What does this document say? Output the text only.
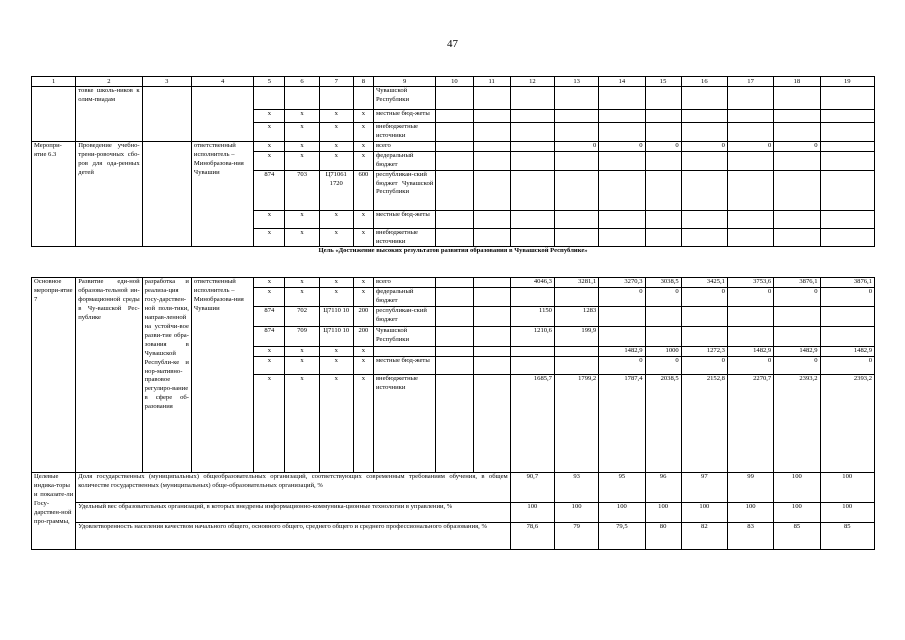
47
1	2	3	4	5	6	7	8	9	10	11	12	13	14	15	16	17	18	19
	товке школь-ников к олим-пиадам							Чувашской Республики										
				x	x	x	x	местные бюд-жеты										
				x	x	x	x	внебюджетные источники										
Меропри-ятие 6.3	Проведение учебно-трени-ровочных сбо-ров для ода-ренных детей		ответственный исполнитель – Минобразова-ния Чувашии	x	x	x	x	всего				0	0	0	0	0	0	
				x	x	x	x	федеральный бюджет										
				874	703	Ц71061 1720	600	республикан-ский бюджет Чувашской Республики										
				x	x	x	x	местные бюд-жеты										
				x	x	x	x	внебюджетные источники										
Цель «Достижение высоких результатов развития образования в Чувашской Республике»																		
Основное меропри-ятие 7	Развитие еди-ной образова-тельной ин-формационной среды в Чу-вашской Рес-публике	разработка и реализа-ция госу-дарствен-ной поли-тики, направ-ленной на устойчи-вое разви-тие обра-зования в Чувашской Республи-ке и нор-мативно-правовое регулиро-вание в сфере об-разования	ответственный исполнитель – Минобразова-ния Чувашии	x	x	x	x	всего			4046,3	3281,1	3270,3	3038,5	3425,1	3753,6	3876,1	3876,1
				x	x	x	x	федеральный бюджет					0	0	0	0	0	0
				874	702	Ц7110 10	200	республикан-ский бюджет			1150	1283						
				874	709	Ц7110 10	200	Чувашской Республики			1210,6	199,9						
				x	x	x	x						1482,9	1000	1272,3	1482,9	1482,9	1482,9
				x	x	x	x	местные бюд-жеты					0	0	0	0	0	0
				x	x	x	x	внебюджетные источники			1685,7	1799,2	1787,4	2038,5	2152,8	2270,7	2393,2	2393,2
Целевые индика-торы и показате-ли Госу-дарствен-ной про-граммы,	Доля государственных (муниципальных) общеобразовательных организаций, соответствующих современным требованиям обучения, в общем количестве государственных (муниципальных) обще-образовательных организаций, %										90,7	93	95	96	97	99	100	100
	Удельный вес образовательных организаций, в которых внедрены информационно-коммуника-ционные технологии в управлении, %										100	100	100	100	100	100	100	100
	Удовлетворенность населения качеством начального общего, основного общего, среднего общего и среднего профессионального образования, %										78,6	79	79,5	80	82	83	85	85
